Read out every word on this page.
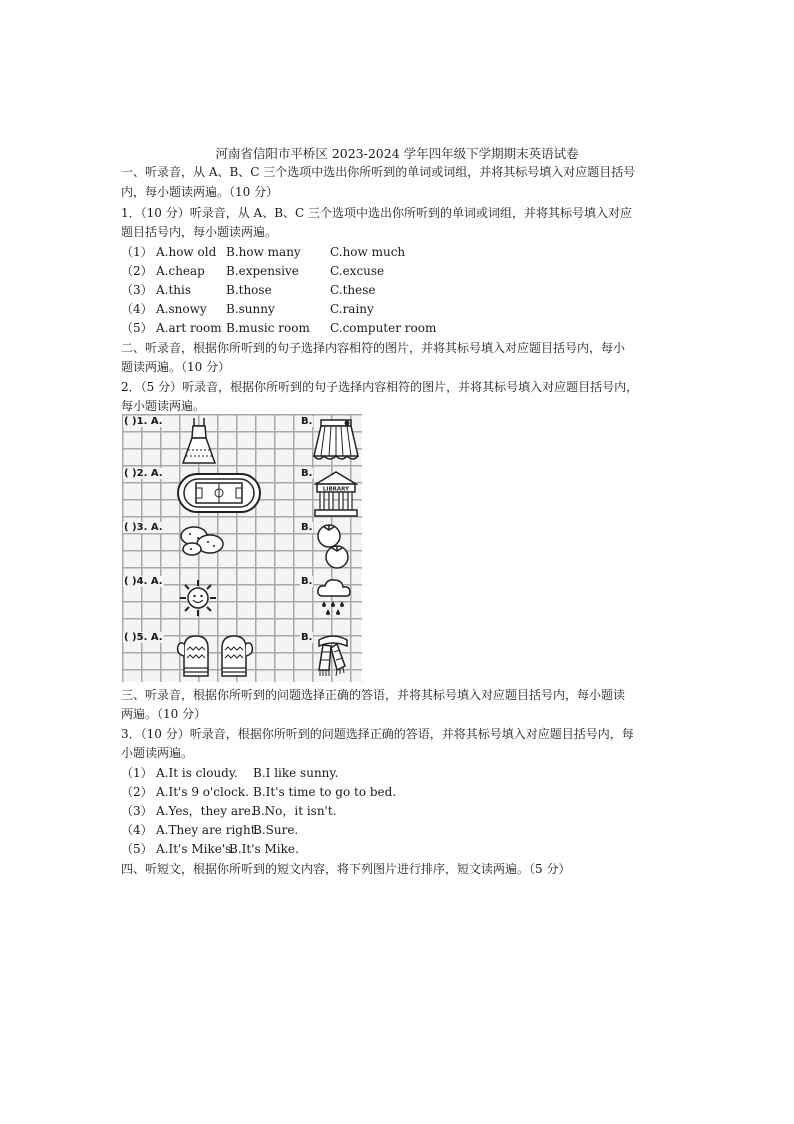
河南省信阳市平桥区 2023-2024 学年四年级下学期期末英语试卷
一、听录音，从 A、B、C 三个选项中选出你所听到的单词或词组，并将其标号填入对应题目括号
内，每小题读两遍。（10 分）
1．（10 分）听录音，从 A、B、C 三个选项中选出你所听到的单词或词组，并将其标号填入对应
题目括号内，每小题读两遍。
（1） A.how old B.how many C.how much
（2） A.cheap B.expensive	C.excuse
（3） A.this	B.those	C.these
（4） A.snowy B.sunny	C.rainy
（5） A.art room B.music room C.computer room
二、听录音，根据你所听到的句子选择内容相符的图片，并将其标号填入对应题目括号内，每小
题读两遍。（10 分）
2．（5 分）听录音，根据你所听到的句子选择内容相符的图片，并将其标号填入对应题目括号内，
每小题读两遍。
( )1. A.	B.
( )2. A.	B.
( )3. A.	B.
( )4. A.	B.
( )5. A.	B.
LIBRARY
三、听录音，根据你所听到的问题选择正确的答语，并将其标号填入对应题目括号内，每小题读
两遍。（10 分）
3．（10 分）听录音，根据你所听到的问题选择正确的答语，并将其标号填入对应题目括号内，每
小题读两遍。
（1） A.It is cloudy. B.I like sunny.
（2） A.It's 9 o'clock. B.It's time to go to bed.
（3） A.Yes，they are.
B.No，it isn't.
（4） A.They are right.
B.Sure.
（5） A.It's Mike's.
B.It's Mike.
四、听短文，根据你所听到的短文内容，将下列图片进行排序，短文读两遍。（5 分）
